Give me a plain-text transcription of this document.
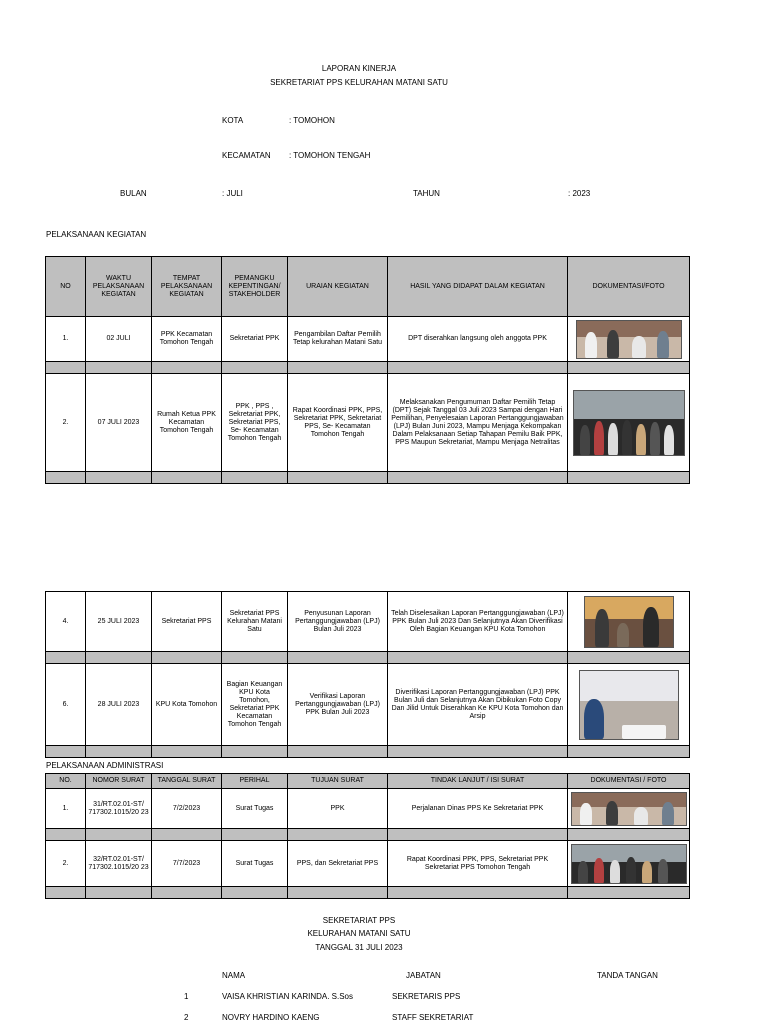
LAPORAN KINERJA
SEKRETARIAT PPS KELURAHAN MATANI SATU
KOTA	: TOMOHON
KECAMATAN : TOMOHON TENGAH
BULAN	: JULI	TAHUN	: 2023
PELAKSANAAN KEGIATAN
NO	WAKTU PELAKSANAAN KEGIATAN	TEMPAT PELAKSANAAN KEGIATAN	PEMANGKU KEPENTINGAN/ STAKEHOLDER	URAIAN KEGIATAN	HASIL YANG DIDAPAT DALAM KEGIATAN	DOKUMENTASI/FOTO
1.	02 JULI	PPK Kecamatan Tomohon Tengah	Sekretariat PPK	Pengambilan Daftar Pemilih Tetap kelurahan Matani Satu	DPT diserahkan langsung oleh anggota PPK	

2.	07 JULI 2023	Rumah Ketua PPK Kecamatan Tomohon Tengah	PPK , PPS , Sekretariat PPK, Sekretariat PPS, Se- Kecamatan Tomohon Tengah	Rapat Koordinasi PPK, PPS, Sekretariat PPK, Sekretariat PPS, Se- Kecamatan Tomohon Tengah	Melaksanakan Pengumuman Daftar Pemilih Tetap (DPT) Sejak Tanggal 03 Juli 2023 Sampai dengan Hari Pemilihan, Penyelesaian Laporan Pertanggungjawaban (LPJ) Bulan Juni 2023, Mampu Menjaga Kekompakan Dalam Pelaksanaan Setiap Tahapan Pemilu Baik PPK, PPS Maupun Sekretariat, Mampu Menjaga Netralitas	

4.	25 JULI 2023	Sekretariat PPS	Sekretariat PPS Kelurahan Matani Satu	Penyusunan Laporan Pertanggungjawaban (LPJ) Bulan Juli 2023	Telah Diselesaikan Laporan Pertanggungjawaban (LPJ) PPK Bulan Juli 2023 Dan Selanjutnya Akan Diverifikasi Oleh Bagian Keuangan KPU Kota Tomohon	

6.	28 JULI 2023	KPU Kota Tomohon	Bagian Keuangan KPU Kota Tomohon, Sekretariat PPK Kecamatan Tomohon Tengah	Verifikasi Laporan Pertanggungjawaban (LPJ) PPK Bulan Juli 2023	Diverifikasi Laporan Pertanggungjawaban (LPJ) PPK Bulan Juli dan Selanjutnya Akan Dibikukan Foto Copy Dan Jilid Untuk Diserahkan Ke KPU Kota Tomohon dan Arsip	

PELAKSANAAN ADMINISTRASI
NO.	NOMOR SURAT	TANGGAL SURAT	PERIHAL	TUJUAN SURAT	TINDAK LANJUT / ISI SURAT	DOKUMENTASI / FOTO
1.	31/RT.02.01-ST/ 717302.1015/20 23	7/2/2023	Surat Tugas	PPK	Perjalanan Dinas PPS Ke Sekretariat PPK	

2.	32/RT.02.01-ST/ 717302.1015/20 23	7/7/2023	Surat Tugas	PPS, dan Sekretariat PPS	Rapat Koordinasi PPK, PPS, Sekretariat PPK Sekretariat PPS Tomohon Tengah	

SEKRETARIAT PPS
KELURAHAN MATANI SATU
TANGGAL 31 JULI 2023
NAMA	JABATAN	TANDA TANGAN
1	VAISA KHRISTIAN KARINDA. S.Sos	SEKRETARIS PPS
2	NOVRY HARDINO KAENG	STAFF SEKRETARIAT
